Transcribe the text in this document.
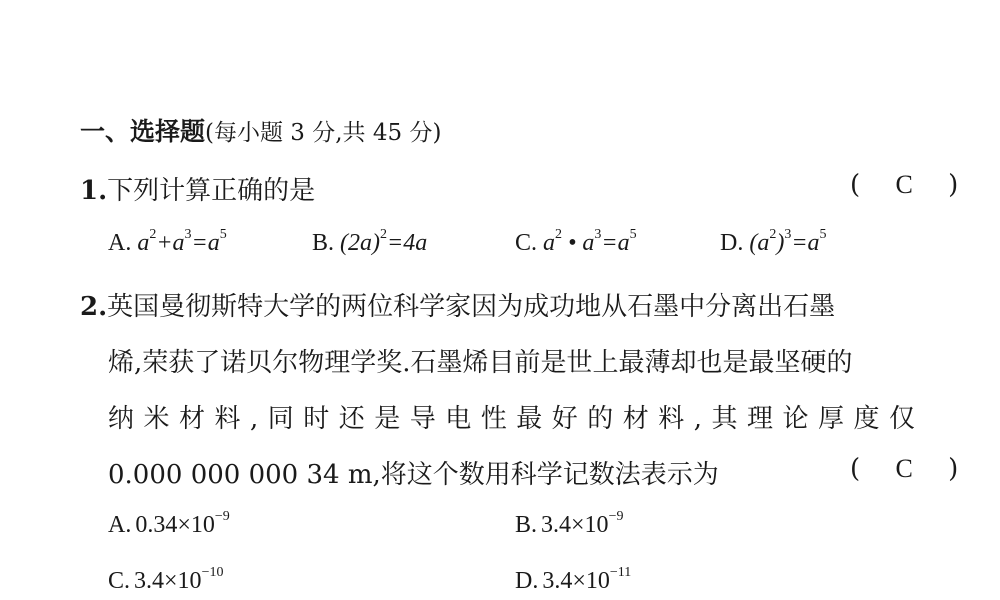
一、选择题(每小题 3 分,共 45 分)
1.下列计算正确的是	( C )
A. $a^2+a^3=a^5$	B. $(2a)^2=4a$	C. $a^2$ • $a^3=a^5$	D. $(a^2)^3=a^5$
2.英国曼彻斯特大学的两位科学家因为成功地从石墨中分离出石墨
烯,荣获了诺贝尔物理学奖.石墨烯目前是世上最薄却也是最坚硬的
纳米材料,同时还是导电性最好的材料,其理论厚度仅
0.000 000 000 34 m,将这个数用科学记数法表示为	( C )
A. $0.34\times 10^{-9}$	B. $3.4\times 10^{-9}$
C. $3.4\times 10^{-10}$	D. $3.4\times 10^{-11}$
